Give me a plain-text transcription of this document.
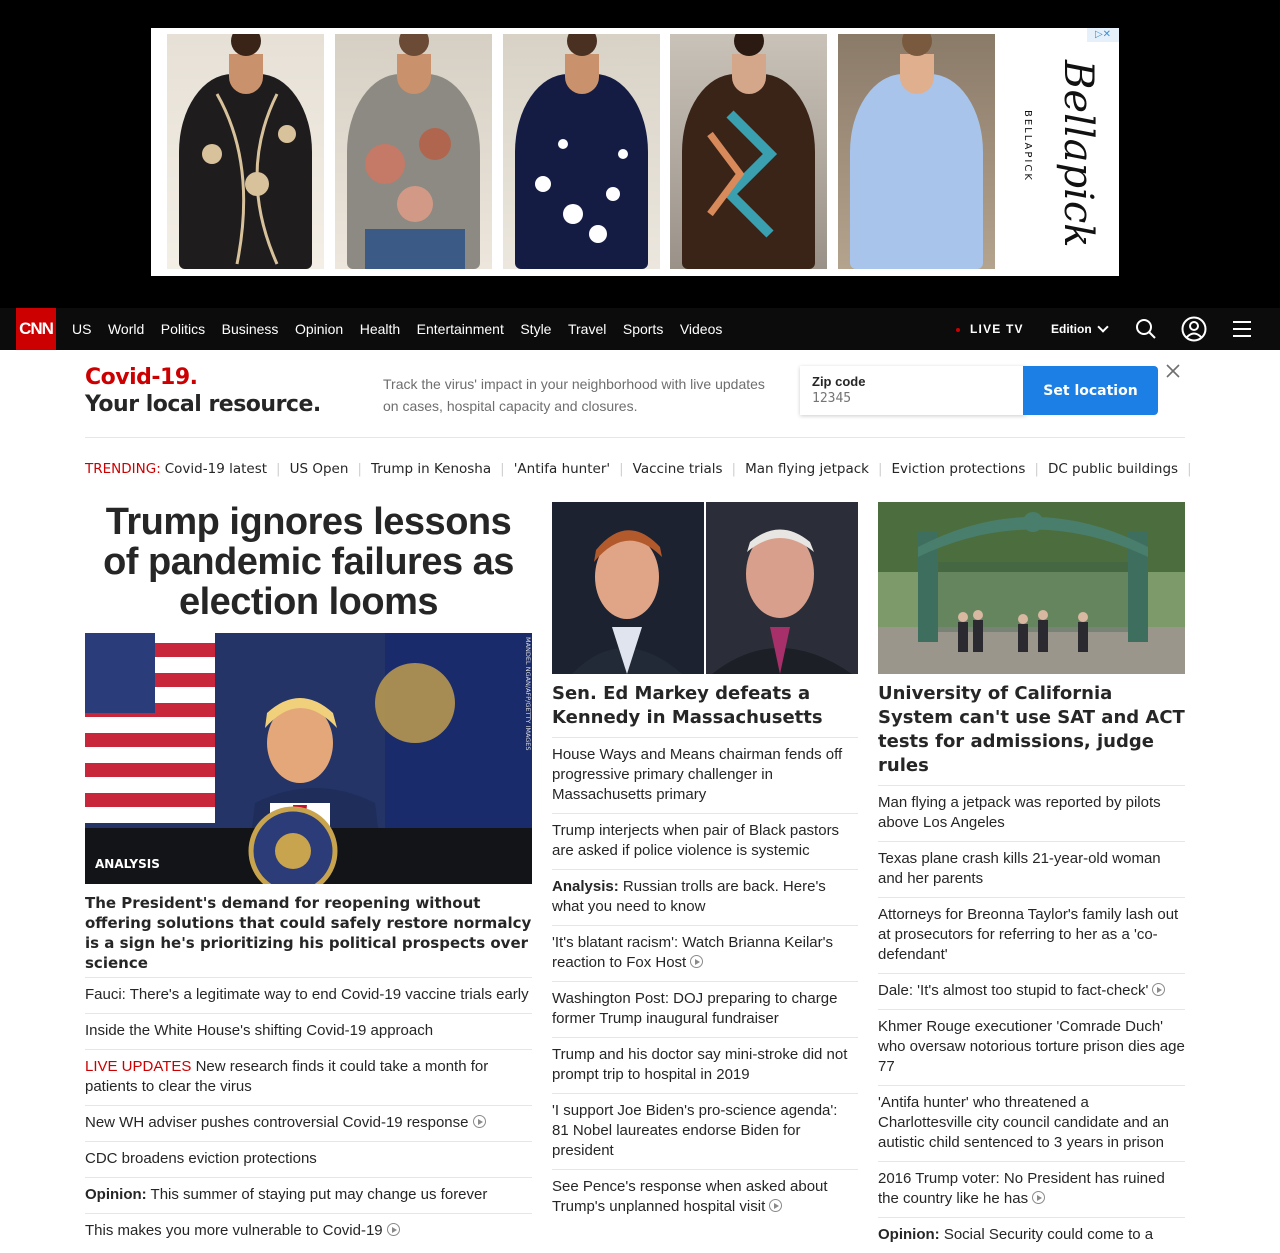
Bellapick
BELLAPICK
▷✕
CNN US World Politics Business Opinion Health Entertainment Style Travel Sports Videos	LIVE TV Edition
Covid-19.
Your local resource.
Track the virus' impact in your neighborhood with live updates on cases, hospital capacity and closures.
Zip code
12345
Set location
TRENDING: Covid-19 latest | US Open | Trump in Kenosha | 'Antifa hunter' | Vaccine trials | Man flying jetpack | Eviction protections | DC public buildings |
Trump ignores lessons of pandemic failures as election looms
MANDEL NGAN/AFP/GETTY IMAGES
ANALYSIS
The President's demand for reopening without offering solutions that could safely restore normalcy is a sign he's prioritizing his political prospects over science
Fauci: There's a legitimate way to end Covid-19 vaccine trials early
Inside the White House's shifting Covid-19 approach
LIVE UPDATES New research finds it could take a month for patients to clear the virus
New WH adviser pushes controversial Covid-19 response
CDC broadens eviction protections
Opinion: This summer of staying put may change us forever
This makes you more vulnerable to Covid-19
Sen. Ed Markey defeats a Kennedy in Massachusetts
House Ways and Means chairman fends off progressive primary challenger in Massachusetts primary
Trump interjects when pair of Black pastors are asked if police violence is systemic
Analysis: Russian trolls are back. Here's what you need to know
'It's blatant racism': Watch Brianna Keilar's reaction to Fox Host
Washington Post: DOJ preparing to charge former Trump inaugural fundraiser
Trump and his doctor say mini-stroke did not prompt trip to hospital in 2019
'I support Joe Biden's pro-science agenda': 81 Nobel laureates endorse Biden for president
See Pence's response when asked about Trump's unplanned hospital visit
University of California System can't use SAT and ACT tests for admissions, judge rules
Man flying a jetpack was reported by pilots above Los Angeles
Texas plane crash kills 21-year-old woman and her parents
Attorneys for Breonna Taylor's family lash out at prosecutors for referring to her as a 'co-defendant'
Dale: 'It's almost too stupid to fact-check'
Khmer Rouge executioner 'Comrade Duch' who oversaw notorious torture prison dies age 77
'Antifa hunter' who threatened a Charlottesville city council candidate and an autistic child sentenced to 3 years in prison
2016 Trump voter: No President has ruined the country like he has
Opinion: Social Security could come to a
